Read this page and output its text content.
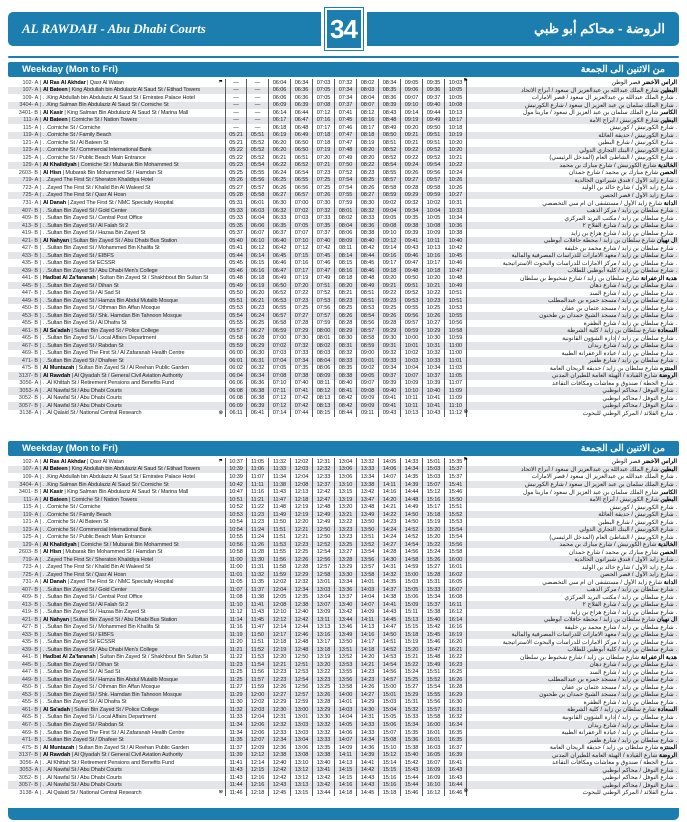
AL RAWDAH - Abu Dhabi Courts	34	الروضة - محاكم أبو ظبي
Weekday (Mon to Fri)	من الاثنين الى الجمعة
102- A | Al Ras Al Akhdar | Qasr Al Watan	⚑	—	—	06:04	06:34	07:03	07:32	08:02	08:34	09:05	09:35	10:03 ⚑	الرأس الأخضر قصر الوطن
107- A | Al Bateen | King Abdullah bin Abdulaziz Al Saud St / Etihad Towers	—	—	06:06	06:36	07:05	07:34	08:03	08:35	09:06	09:36	10:05	البطين شارع الملك عبدالله بن عبدالعزيز آل سعود / أبراج الاتحاد
109- A | . .King Abdullah bin Abdulaziz Al Saud St / Emirates Palace Hotel	—	—	06:06	06:36	07:05	07:34	08:04	08:36	09:07	09:37	10:05	. شارع الملك عبدالله بن عبدالعزيز آل سعود / قصر الامارات
3404- A | . .King Salman Bin Abdulaziz Al Saud St / Corniche St	—	—	06:09	06:39	07:08	07:37	08:07	08:39	09:10	09:40	10:08	. شارع الملك سلمان بن عبد العزيز آل سعود / شارع الكورنيش
3401- B | Al Kasir | King Salman Bin Abdulaziz Al Saud St / Marina Mall	—	—	06:14	06:44	07:12	07:41	08:12	08:43	09:14	09:44	10:13	الكاسر شارع الملك سلمان بن عبد العزيز آل سعود / مارينا مول
111- A | Al Bateen | Corniche St / Nation Towers	—	—	06:17	06:47	07:16	07:45	08:16	08:48	09:19	09:49	10:17	البطين شارع الكورنيش / أبراج الأمة
115- A | . .Corniche St / Corniche	—	—	06:18	06:48	07:17	07:46	08:17	08:49	09:20	09:50	10:18	. شارع الكورنيش / كورنيش
119- A | . .Corniche St / Family Beach	05:21	05:51	06:19	06:49	07:18	07:47	08:18	08:50	09:21	09:51	10:19	. شارع الكورنيش / حديقة العائلة
121- A | . .Corniche St / Al Bateen St	05:21	05:52	06:20	06:50	07:18	07:47	08:19	08:51	09:21	09:51	10:20	. شارع الكورنيش / شارع البطين
123- A | . .Corniche St / Commercial International Bank	05:22	05:52	06:20	06:50	07:19	07:48	08:20	08:52	09:22	09:52	10:20	. شارع الكورنيش / البنك التجاري الدولي
125- A | . .Corniche St / Public Beach Main Entrance	05:22	05:52	06:21	06:51	07:20	07:49	08:20	08:52	09:22	09:52	10:21	. شارع الكورنيش / الشاطئ العام (المدخل الرئيسي)
129- A | Al Khalidiyah | Corniche St / Mubarak Bin Mohammed St	05:23	05:54	06:22	06:52	07:21	07:50	08:22	08:54	09:24	09:54	10:22	الخالدية شارع الكورنيش / شارع مبارك بن محمد
2603- B | Al Hisn | Mubarak Bin Mohammed St / Hamdan St	05:25	05:55	06:24	06:54	07:23	07:52	08:23	08:55	09:26	09:56	10:24	الحصن شارع مبارك بن محمد / شارع حمدان
719- A | . .Zayed The First St / Sheraton Khalidiya Hotel	05:26	05:56	06:25	06:55	07:25	07:54	08:25	08:57	09:27	09:57	10:26	. شارع زايد الأول / فندق شيراتون الخالدية
723- A | . .Zayed The First St / Khalid Bin Al Waleed St	05:27	05:57	06:26	06:56	07:25	07:54	08:26	08:58	09:28	09:58	10:26	. شارع زايد الأول / شارع خالد بن الوليد
725- A | . .Zayed The First St / Qasr Al Hosn	05:28	05:58	06:27	06:57	07:26	07:55	08:27	08:59	09:29	09:59	10:27	. شارع زايد الأول / قصر الحصن
731- A | Al Danah | Zayed The First St / NMC Specialty Hospital	05:31	06:01	06:30	07:00	07:30	07:59	08:30	09:02	09:32	10:02	10:31	الدانة شارع زايد الأول / مستشفى ان ام سي التخصصي
407- B | . .Sultan Bin Zayed St / Gold Center	05:33	06:03	06:32	07:02	07:32	08:01	08:32	09:04	09:34	10:04	10:33	. شارع سلطان بن زايد / مركز الذهب
409- B | . .Sultan Bin Zayed St / Central Post Office	05:33	06:04	06:33	07:03	07:33	08:02	08:33	09:05	09:35	10:05	10:34	. شارع سلطان بن زايد / مكتب البريد المركزي
413- B | . .Sultan Bin Zayed St / Al Falah St 2	05:35	06:06	06:35	07:05	07:35	08:04	08:36	09:08	09:38	10:08	10:36	. شارع سلطان بن زايد / شارع الفلاح ٢
419- B | . .Sultan Bin Zayed St / Hazaa Bin Zayed St	05:37	06:07	06:37	07:07	07:37	08:06	08:38	09:10	09:39	10:09	10:38	. شارع سلطان بن زايد / شارع هزاع بن زايد
421- B | Al Nahyan | Sultan Bin Zayed St / Abu Dhabi Bus Station	05:40	06:10	06:40	07:10	07:40	08:09	08:40	09:12	09:41	10:11	10:40	آل نهيان شارع سلطان بن زايد / محطة حافلات أبوظبي
427- B | . .Sultan Bin Zayed St / Mohammed Bin Khalifa St	05:41	06:12	06:42	07:12	07:42	08:11	08:42	09:14	09:43	10:13	10:42	. شارع سلطان بن زايد / شارع محمد بن خليفة
433- B | . .Sultan Bin Zayed St / EIBFS	05:44	06:14	06:45	07:15	07:45	08:14	08:44	09:16	09:46	10:16	10:45	. شارع سلطان بن زايد / معهد الامارات للدراسات المصرفية والمالية
435- B | . .Sultan Bin Zayed St/ ECSSR	05:45	06:15	06:46	07:16	07:46	08:15	08:45	09:17	09:47	10:17	10:46	. شارع سلطان بن زايد / مركز الامارات للدراسات والبحوث الاستراتيجية
439- B | . .Sultan Bin Zayed St / Abu Dhabi Men's College	05:46	06:16	06:47	07:17	07:47	08:16	08:46	09:18	09:48	10:18	10:47	. شارع سلطان بن زايد / كلية أبوظبي للطلاب
441- B | Hadbat Al Za'faranah | Sultan Bin Zayed St / Shakhbout Bin Sultan St	05:48	06:18	06:49	07:19	07:49	08:18	08:48	09:20	09:50	10:20	10:48	هدبة الزعفرانة شارع سلطان بن زايد / شارع شخبوط بن سلطان
445- B | . .Sultan Bin Zayed St / Dihan St	05:49	06:19	06:50	07:20	07:51	08:20	08:49	09:21	09:51	10:21	10:49	. شارع سلطان بن زايد / شارع دهان
447- B | . .Sultan Bin Zayed St / Al Sad St	05:50	06:20	06:52	07:22	07:52	08:21	08:51	09:22	09:52	10:22	10:51	. شارع سلطان بن زايد / شارع السد
449- B | . .Sultan Bin Zayed St / Hamza Bin Abdul Mutalib Mosque	05:51	06:21	06:53	07:23	07:53	08:23	08:51	09:23	09:53	10:23	10:51	. شارع سلطان بن زايد / مسجد حمزه بن عبدالمطلب
450- B | . .Sultan Bin Zayed St / Othman Bin Affan Mosque	05:53	06:23	06:55	07:25	07:56	08:25	08:53	09:25	09:55	10:25	10:53	. شارع سلطان بن زايد / مسجد عثمان بن عفان
453- B | . .Sultan Bin Zayed St / Shk. Hamdan Bin Tahnoon Mosque	05:54	06:24	06:57	07:27	07:57	08:26	08:54	09:26	09:56	10:26	10:55	. شارع سلطان بن زايد / مسجد الشيخ حمدان بن طحنون
455- B | . .Sultan Bin Zayed St / Al Dhafra St	05:55	06:25	06:58	07:28	07:59	08:28	08:56	09:28	09:57	10:27	10:56	. شارع سلطان بن زايد / شارع الظفرة
461- B | Al Sa'adah | Sultan Bin Zayed St / Police College	05:57	06:27	06:59	07:29	08:00	08:29	08:57	09:29	09:59	10:29	10:58	السعادة شارع سلطان بن زايد / كلية الشرطة
465- B | . .Sultan Bin Zayed St / Local Affairs Department	05:58	06:28	07:00	07:30	08:01	08:30	08:58	09:30	10:00	10:30	10:59	. شارع سلطان بن زايد / إدارة الشؤون القانونية
467- B | . .Sultan Bin Zayed St / Rabdan St	05:59	06:29	07:02	07:32	08:02	08:31	08:59	09:31	10:01	10:31	11:00	. شارع سلطان بن زايد / شارع ربدان
469- B | . .Sultan Bin Zayed The First St / Al Zafaranah Health Centre	06:00	06:30	07:03	07:33	08:03	08:32	09:00	09:32	10:02	10:32	11:00	. شارع سلطان بن زايد / عيادة الزعفرانة الطبية
471- B | . .Sultan Bin Zayed St / Dhafeer St	06:01	06:31	07:04	07:34	08:04	08:33	09:01	09:33	10:03	10:33	11:01	. شارع سلطان بن زايد / شارع ظفير
475- B | Al Muntazah | Sultan Bin Zayed St / Al Reehan Public Garden	06:02	06:32	07:05	07:35	08:06	08:35	09:02	09:34	10:04	10:34	11:03	المنتزه شارع سلطان بن زايد / حديقة الريحان العامة
3137- B | Al Rawdah | Al Qiyadah St / General Civil Aviation Authority	06:04	06:34	07:08	07:38	08:09	08:38	09:05	09:37	10:07	10:37	11:05	الروضة شارع القيادة / الهيئة العامة للطيران المدني
3056- A | . .Al Khittah St / Retirement Pensions and Benefits Fund	06:06	06:36	07:10	07:40	08:11	08:40	09:07	09:39	10:09	10:39	11:07	. شارع الخطة / صندوق و معاشات ومكافآت التقاعد
3053- A | . .Al Nawfal St / Abu Dhabi Courts	06:08	06:38	07:11	07:41	08:12	08:41	09:08	09:40	10:10	10:40	11:09	. شارع النوفل / محاكم ابوظبي
3052- B | . .Al Nawfal St / Abu Dhabi Courts	06:08	06:38	07:12	07:42	08:13	08:42	09:09	09:41	10:11	10:41	11:09	. شارع النوفل / محاكم ابوظبي
3057- B | . .Al Nawfal St / Abu Dhabi Courts	06:09	06:39	07:12	07:42	08:13	08:42	09:09	09:41	10:11	10:41	11:10	. شارع النوفل / محاكم ابوظبي
3138- A | . .Al Qalaid St / National Central Research	⊗	06:11	06:41	07:14	07:44	08:15	08:44	09:11	09:43	10:13	10:43	11:12 ⊗	. شارع القلائد / المركز الوطني للبحوث
Weekday (Mon to Fri)	من الاثنين الى الجمعة
102- A | Al Ras Al Akhdar | Qasr Al Watan	⚑	10:37	11:05	11:32	12:02	12:31	13:04	13:32	14:05	14:33	15:01	15:35 ⚑	الرأس الأخضر قصر الوطن
107- A | Al Bateen | King Abdullah bin Abdulaziz Al Saud St / Etihad Towers	10:39	11:06	11:33	12:03	12:32	13:06	13:33	14:06	14:34	15:03	15:37	البطين شارع الملك عبدالله بن عبدالعزيز آل سعود / أبراج الاتحاد
109- A | . .King Abdullah bin Abdulaziz Al Saud St / Emirates Palace Hotel	10:39	11:07	11:34	12:04	12:33	13:06	13:34	14:07	14:35	15:03	15:37	. شارع الملك عبدالله بن عبدالعزيز آل سعود / قصر الامارات
3404- A | . .King Salman Bin Abdulaziz Al Saud St / Corniche St	10:42	11:11	11:38	12:08	12:37	13:10	13:38	14:11	14:39	15:07	15:41	. شارع الملك سلمان بن عبد العزيز آل سعود / شارع الكورنيش
3401- B | Al Kasir | King Salman Bin Abdulaziz Al Saud St / Marina Mall	10:47	11:16	11:43	12:13	12:42	13:15	13:42	14:16	14:44	15:12	15:46	الكاسر شارع الملك سلمان بن عبد العزيز آل سعود / مارينا مول
111- A | Al Bateen | Corniche St / Nation Towers	10:51	11:21	11:47	12:18	12:47	13:19	13:47	14:20	14:48	15:16	15:50	البطين شارع الكورنيش / أبراج الأمة
115- A | . .Corniche St / Corniche	10:52	11:22	11:48	12:19	12:48	13:20	13:48	14:21	14:49	15:17	15:51	. شارع الكورنيش / كورنيش
119- A | . .Corniche St / Family Beach	10:53	11:23	11:49	12:19	12:49	13:21	13:49	14:22	14:50	15:18	15:52	. شارع الكورنيش / حديقة العائلة
121- A | . .Corniche St / Al Bateen St	10:54	11:23	11:50	12:20	12:49	13:22	13:50	14:23	14:50	15:19	15:53	. شارع الكورنيش / شارع البطين
123- A | . .Corniche St / Commercial International Bank	10:54	11:24	11:51	12:21	12:50	13:23	13:50	14:24	14:52	15:20	15:54	. شارع الكورنيش / البنك التجاري الدولي
125- A | . .Corniche St / Public Beach Main Entrance	10:55	11:24	11:51	12:21	12:50	13:23	13:51	14:24	14:52	15:20	15:54	. شارع الكورنيش / الشاطئ العام (المدخل الرئيسي)
129- A | Al Khalidiyah | Corniche St / Mubarak Bin Mohammed St	10:56	11:26	11:53	12:23	12:52	13:25	13:52	14:27	14:54	15:22	15:56	الخالدية شارع الكورنيش / شارع مبارك بن محمد
2603- B | Al Hisn | Mubarak Bin Mohammed St / Hamdan St	10:58	11:28	11:55	12:25	12:54	13:27	13:54	14:28	14:56	15:24	15:58	الحصن شارع مبارك بن محمد / شارع حمدان
719- A | . .Zayed The First St / Sheraton Khalidiya Hotel	11:00	11:30	11:56	12:26	12:56	13:28	13:56	14:30	14:58	15:26	16:00	. شارع زايد الأول / فندق شيراتون الخالدية
723- A | . .Zayed The First St / Khalid Bin Al Waleed St	11:00	11:31	11:58	12:28	12:57	13:29	13:57	14:31	14:59	15:27	16:01	. شارع زايد الأول / شارع خالد بن الوليد
725- A | . .Zayed The First St / Qasr Al Hosn	11:01	11:32	11:59	12:29	12:58	13:30	13:58	14:32	15:00	15:28	16:02	. شارع زايد الأول / قصر الحصن
731- A | Al Danah | Zayed The First St / NMC Specialty Hospital	11:05	11:35	12:02	12:32	13:01	13:34	14:01	14:35	15:03	15:31	16:05	الدانة شارع زايد الأول / مستشفى ان ام سي التخصصي
407- B | . .Sultan Bin Zayed St / Gold Center	11:07	11:37	12:04	12:34	13:03	13:36	14:03	14:37	15:05	15:33	16:07	. شارع سلطان بن زايد / مركز الذهب
409- B | . .Sultan Bin Zayed St / Central Post Office	11:08	11:38	12:05	12:35	13:04	13:37	14:04	14:38	15:06	15:34	16:08	. شارع سلطان بن زايد / مكتب البريد المركزي
413- B | . .Sultan Bin Zayed St / Al Falah St 2	11:10	11:41	12:08	12:38	13:07	13:40	14:07	14:41	15:09	15:37	16:11	. شارع سلطان بن زايد / شارع الفلاح ٢
419- B | . .Sultan Bin Zayed St / Hazaa Bin Zayed St	11:12	11:43	12:10	12:40	13:09	13:42	14:09	14:43	15:11	15:38	16:12	. شارع سلطان بن زايد / شارع هزاع بن زايد
421- B | Al Nahyan | Sultan Bin Zayed St / Abu Dhabi Bus Station	11:14	11:45	12:12	12:42	13:11	13:44	14:11	14:45	15:13	15:40	16:14	آل نهيان شارع سلطان بن زايد / محطة حافلات أبوظبي
427- B | . .Sultan Bin Zayed St / Mohammed Bin Khalifa St	11:16	11:47	12:14	12:44	13:13	13:46	14:13	14:47	15:15	15:42	16:16	. شارع سلطان بن زايد / شارع محمد بن خليفة
433- B | . .Sultan Bin Zayed St / EIBFS	11:19	11:50	12:17	12:46	13:16	13:49	14:16	14:50	15:18	15:45	16:19	. شارع سلطان بن زايد / معهد الامارات للدراسات المصرفية والمالية
435- B | . .Sultan Bin Zayed St/ ECSSR	11:20	11:51	12:18	12:48	13:17	13:50	14:17	14:51	15:19	15:46	16:20	. شارع سلطان بن زايد / مركز الامارات للدراسات والبحوث الاستراتيجية
439- B | . .Sultan Bin Zayed St / Abu Dhabi Men's College	11:21	11:52	12:19	12:48	13:18	13:51	14:18	14:52	15:20	15:47	16:21	. شارع سلطان بن زايد / كلية أبوظبي للطلاب
441- B | Hadbat Al Za'faranah | Sultan Bin Zayed St / Shakhbout Bin Sultan St	11:22	11:53	12:20	12:50	13:19	13:52	14:20	14:53	15:21	15:48	16:22	هدبة الزعفرانة شارع سلطان بن زايد / شارع شخبوط بن سلطان
445- B | . .Sultan Bin Zayed St / Dihan St	11:23	11:54	12:21	12:51	13:20	13:53	14:21	14:54	15:22	15:49	16:23	. شارع سلطان بن زايد / شارع دهان
447- B | . .Sultan Bin Zayed St / Al Sad St	11:25	11:56	12:23	12:53	13:22	13:55	14:23	14:56	15:24	15:51	16:25	. شارع سلطان بن زايد / شارع السد
449- B | . .Sultan Bin Zayed St / Hamza Bin Abdul Mutalib Mosque	11:25	11:57	12:23	12:54	13:23	13:56	14:23	14:57	15:25	15:52	16:26	. شارع سلطان بن زايد / مسجد حمزه بن عبدالمطلب
450- B | . .Sultan Bin Zayed St / Othman Bin Affan Mosque	11:27	11:59	12:26	12:56	13:25	13:58	14:26	15:00	15:27	15:54	16:28	. شارع سلطان بن زايد / مسجد عثمان بن عفان
453- B | . .Sultan Bin Zayed St / Shk. Hamdan Bin Tahnoon Mosque	11:29	12:00	12:27	12:57	13:26	14:00	14:27	15:01	15:29	15:55	16:29	. شارع سلطان بن زايد / مسجد الشيخ حمدان بن طحنون
455- B | . .Sultan Bin Zayed St / Al Dhafra St	11:30	12:02	12:29	12:59	13:28	14:01	14:29	15:03	15:31	15:56	16:30	. شارع سلطان بن زايد / شارع الظفرة
461- B | Al Sa'adah | Sultan Bin Zayed St / Police College	11:32	12:03	12:30	13:00	13:29	14:03	14:30	15:04	15:32	15:57	16:31	السعادة شارع سلطان بن زايد / كلية الشرطة
465- B | . .Sultan Bin Zayed St / Local Affairs Department	11:33	12:04	12:31	13:01	13:30	14:04	14:31	15:05	15:33	15:58	16:32	. شارع سلطان بن زايد / إدارة الشؤون القانونية
467- B | . .Sultan Bin Zayed St / Rabdan St	11:34	12:06	12:32	13:03	13:32	14:05	14:33	15:06	15:34	16:00	16:34	. شارع سلطان بن زايد / شارع ربدان
469- B | . .Sultan Bin Zayed The First St / Al Zafaranah Health Centre	11:34	12:06	12:33	13:03	13:32	14:06	14:33	15:07	15:35	16:01	16:35	. شارع سلطان بن زايد / عيادة الزعفرانة الطبية
471- B | . .Sultan Bin Zayed St / Dhafeer St	11:35	12:07	12:34	13:04	13:33	14:07	14:34	15:08	15:36	16:01	16:35	. شارع سلطان بن زايد / شارع ظفير
475- B | Al Muntazah | Sultan Bin Zayed St / Al Reehan Public Garden	11:37	12:09	12:36	13:06	13:35	14:09	14:36	15:10	15:38	16:03	16:37	المنتزه شارع سلطان بن زايد / حديقة الريحان العامة
3137- B | Al Rawdah | Al Qiyadah St / General Civil Aviation Authority	11:39	12:12	12:38	13:08	13:38	14:11	14:39	15:12	15:40	16:05	16:39	الروضة شارع القيادة / الهيئة العامة للطيران المدني
3056- A | . .Al Khittah St / Retirement Pensions and Benefits Fund	11:41	12:14	12:40	13:10	13:40	14:13	14:41	15:14	15:42	16:07	16:41	. شارع الخطة / صندوق و معاشات ومكافآت التقاعد
3053- A | . .Al Nawfal St / Abu Dhabi Courts	11:43	12:15	12:42	13:12	13:41	14:15	14:42	15:15	15:43	16:09	16:43	. شارع النوفل / محاكم ابوظبي
3052- B | . .Al Nawfal St / Abu Dhabi Courts	11:43	12:16	12:42	13:12	13:42	14:15	14:43	15:16	15:44	16:09	16:43	. شارع النوفل / محاكم ابوظبي
3057- B | . .Al Nawfal St / Abu Dhabi Courts	11:44	12:16	12:43	13:13	13:42	14:16	14:43	15:16	15:44	16:10	16:44	. شارع النوفل / محاكم ابوظبي
3138- A | . .Al Qalaid St / National Central Research	⊗	11:46	12:18	12:45	13:15	13:44	14:18	14:45	15:18	15:46	16:12	16:46 ⊗	. شارع القلائد / المركز الوطني للبحوث
